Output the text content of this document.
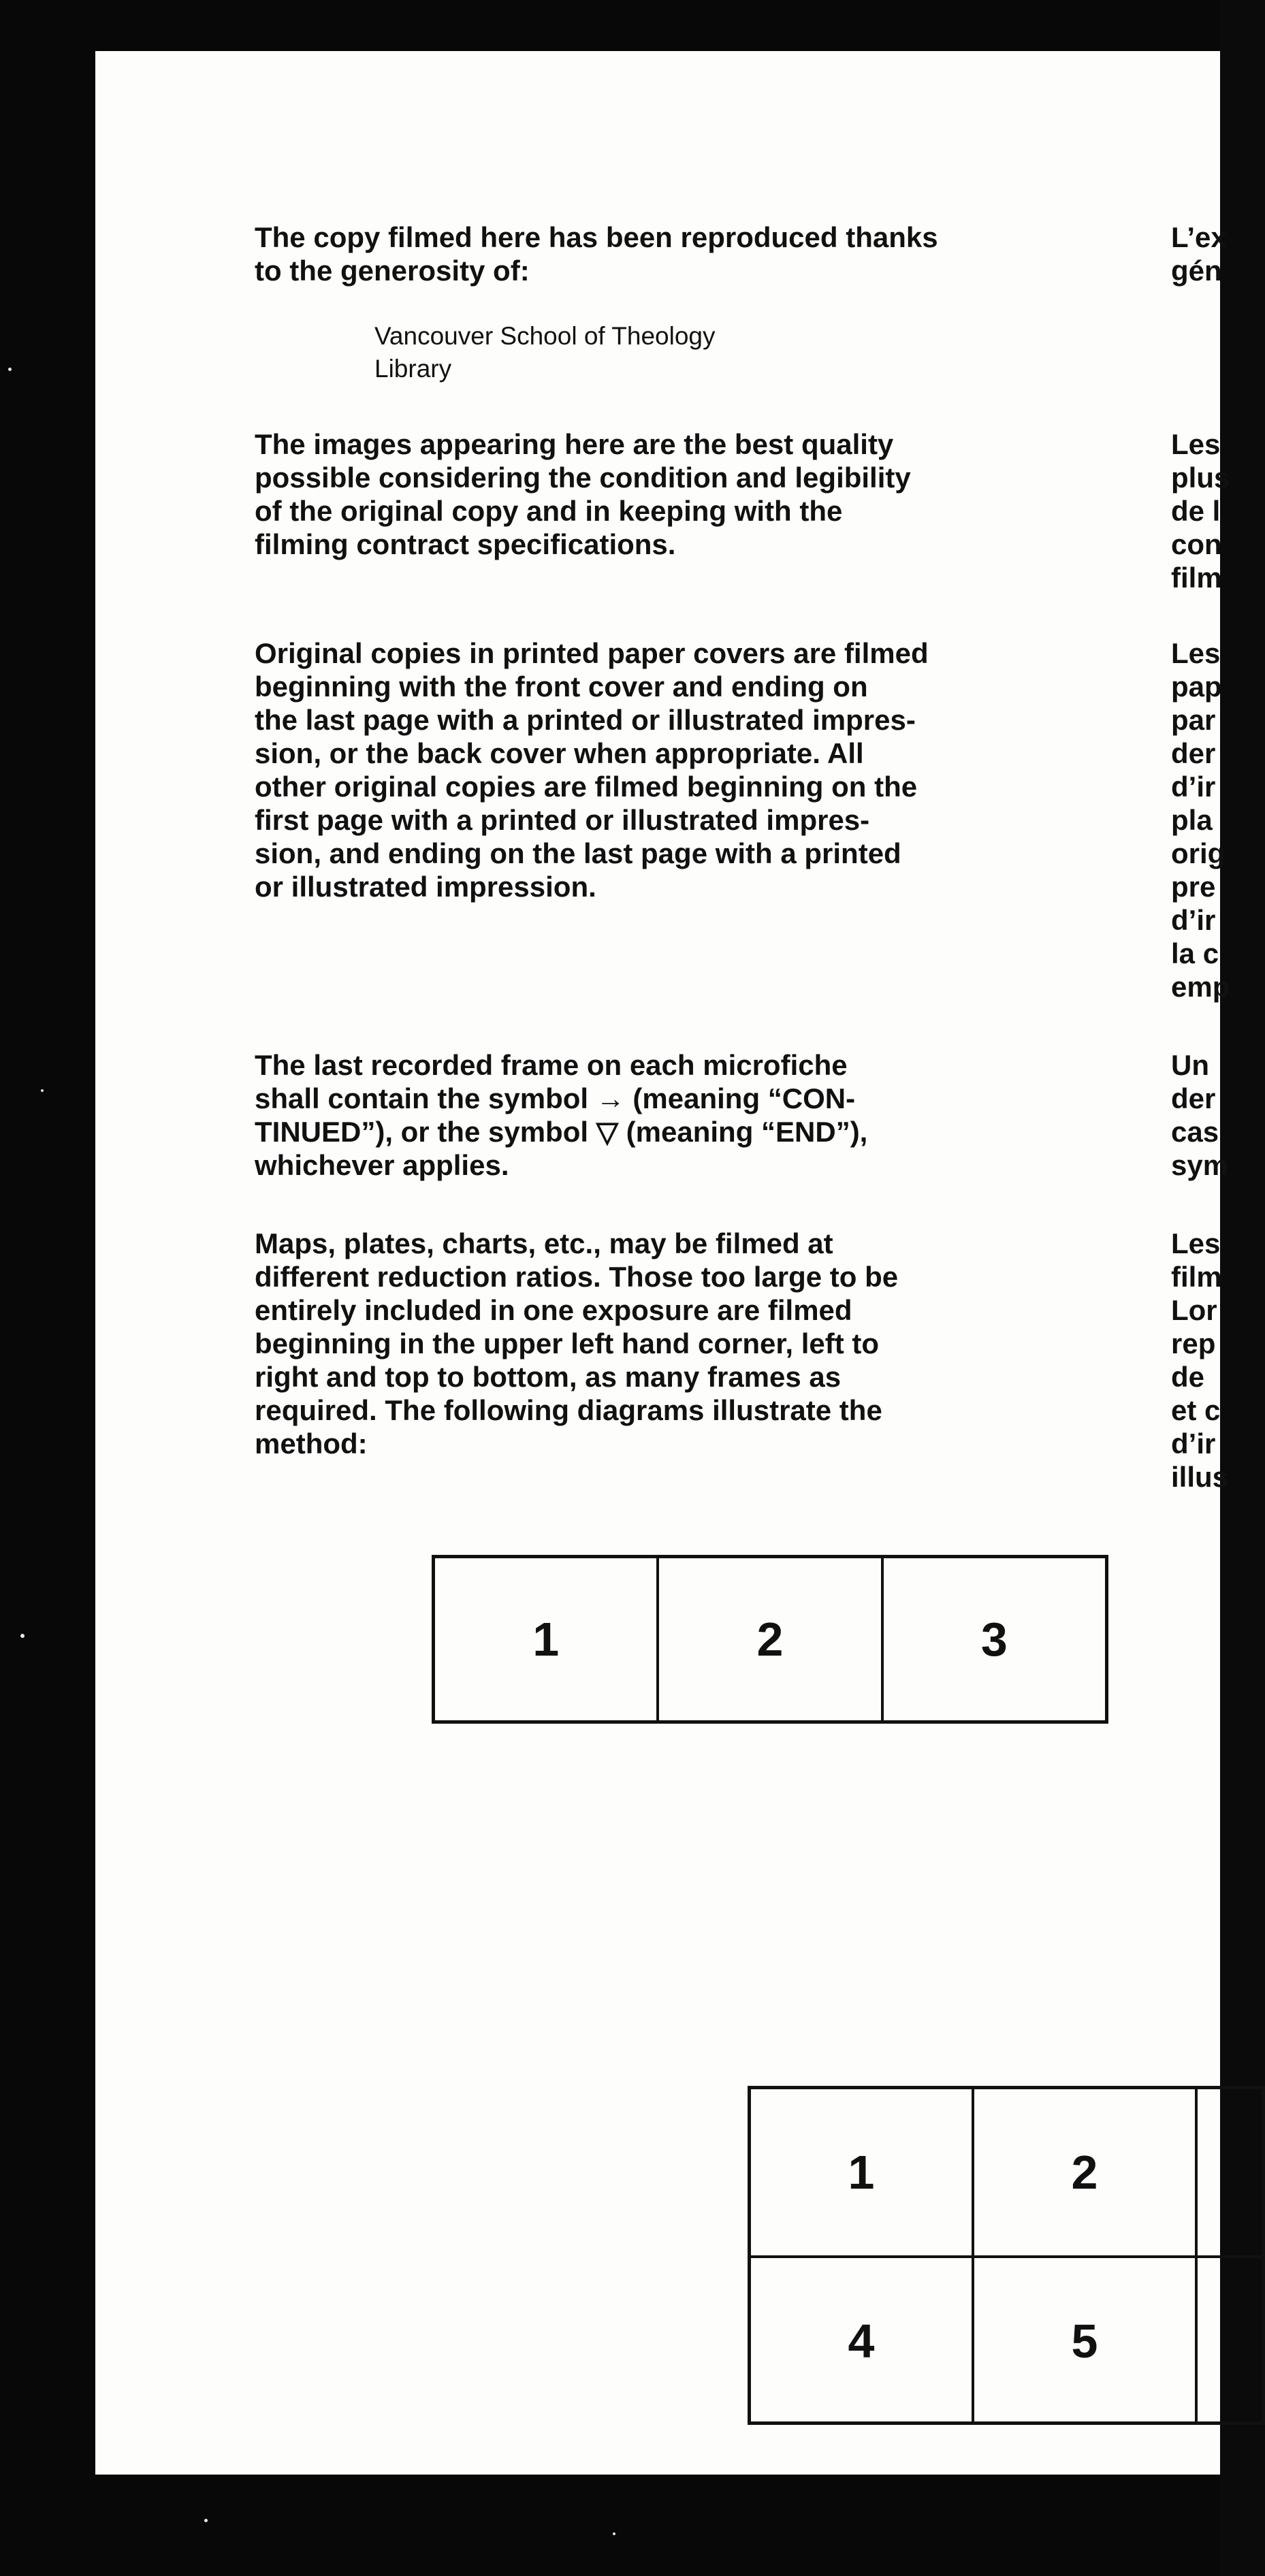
The copy filmed here has been reproduced thanks
to the generosity of:
Vancouver School of Theology
Library
The images appearing here are the best quality
possible considering the condition and legibility
of the original copy and in keeping with the
filming contract specifications.
Original copies in printed paper covers are filmed
beginning with the front cover and ending on
the last page with a printed or illustrated impres-
sion, or the back cover when appropriate. All
other original copies are filmed beginning on the
first page with a printed or illustrated impres-
sion, and ending on the last page with a printed
or illustrated impression.
The last recorded frame on each microfiche
shall contain the symbol → (meaning “CON-
TINUED”), or the symbol ▽ (meaning “END”),
whichever applies.
Maps, plates, charts, etc., may be filmed at
different reduction ratios. Those too large to be
entirely included in one exposure are filmed
beginning in the upper left hand corner, left to
right and top to bottom, as many frames as
required. The following diagrams illustrate the
method:
L’ex
gén
Les
plus
de l
con
film
Les
pap
par
der
d’ir
pla
orig
pre
d’ir
la c
emp
Un
der
cas
sym
Les
film
Lor
rep
de
et c
d’ir
illus
1	2	3
1	2
4	5
